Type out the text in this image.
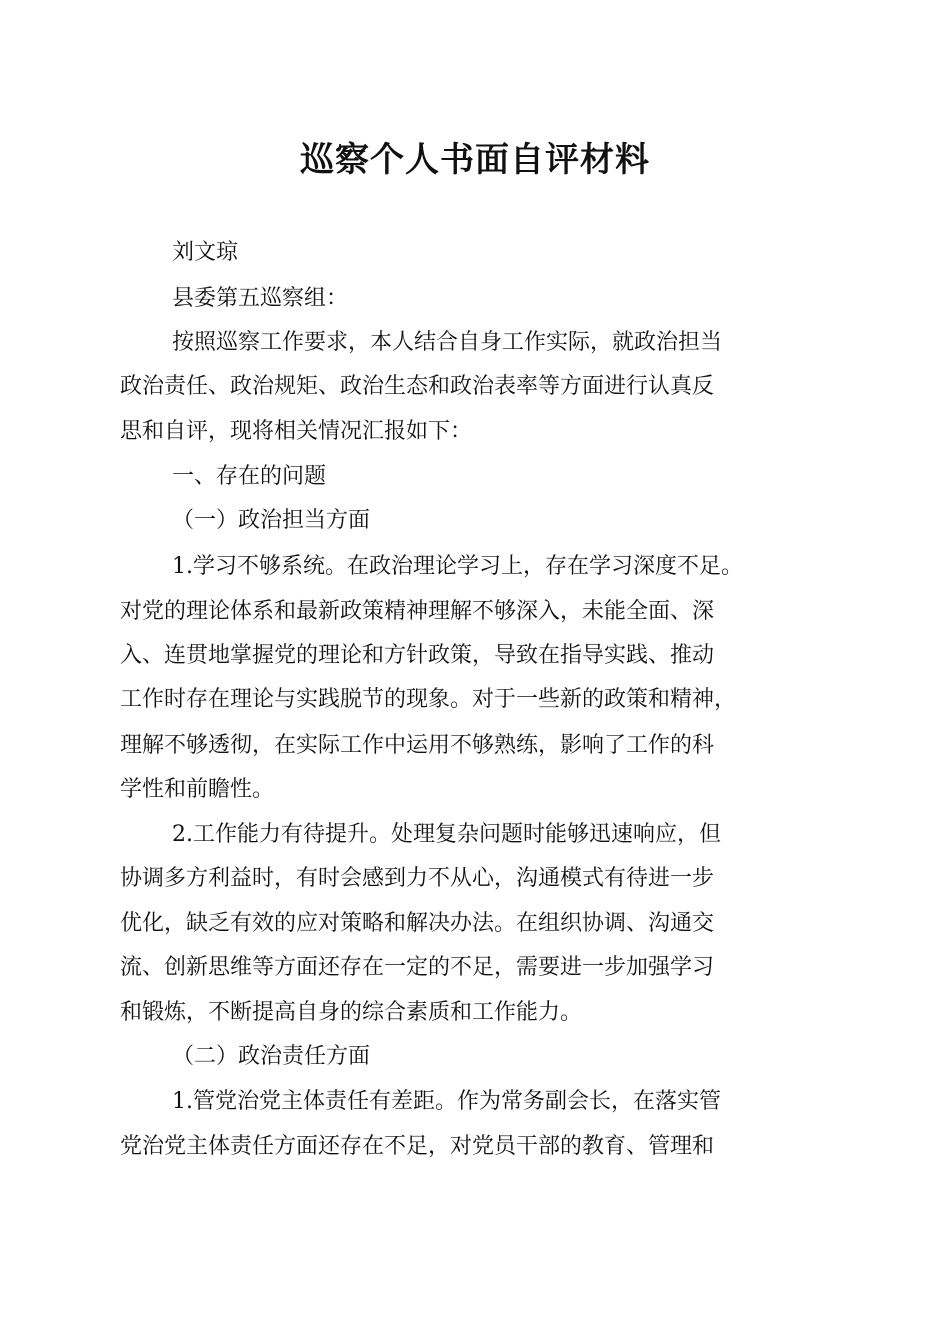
巡察个人书面自评材料

刘文琼

县委第五巡察组：

按照巡察工作要求，本人结合自身工作实际，就政治担当

政治责任、政治规矩、政治生态和政治表率等方面进行认真反

思和自评，现将相关情况汇报如下：

一、存在的问题

（一）政治担当方面

1.学习不够系统。在政治理论学习上，存在学习深度不足。

对党的理论体系和最新政策精神理解不够深入，未能全面、深

入、连贯地掌握党的理论和方针政策，导致在指导实践、推动

工作时存在理论与实践脱节的现象。对于一些新的政策和精神，

理解不够透彻，在实际工作中运用不够熟练，影响了工作的科

学性和前瞻性。

2.工作能力有待提升。处理复杂问题时能够迅速响应，但

协调多方利益时，有时会感到力不从心，沟通模式有待进一步

优化，缺乏有效的应对策略和解决办法。在组织协调、沟通交

流、创新思维等方面还存在一定的不足，需要进一步加强学习

和锻炼，不断提高自身的综合素质和工作能力。

（二）政治责任方面

1.管党治党主体责任有差距。作为常务副会长，在落实管

党治党主体责任方面还存在不足，对党员干部的教育、管理和
